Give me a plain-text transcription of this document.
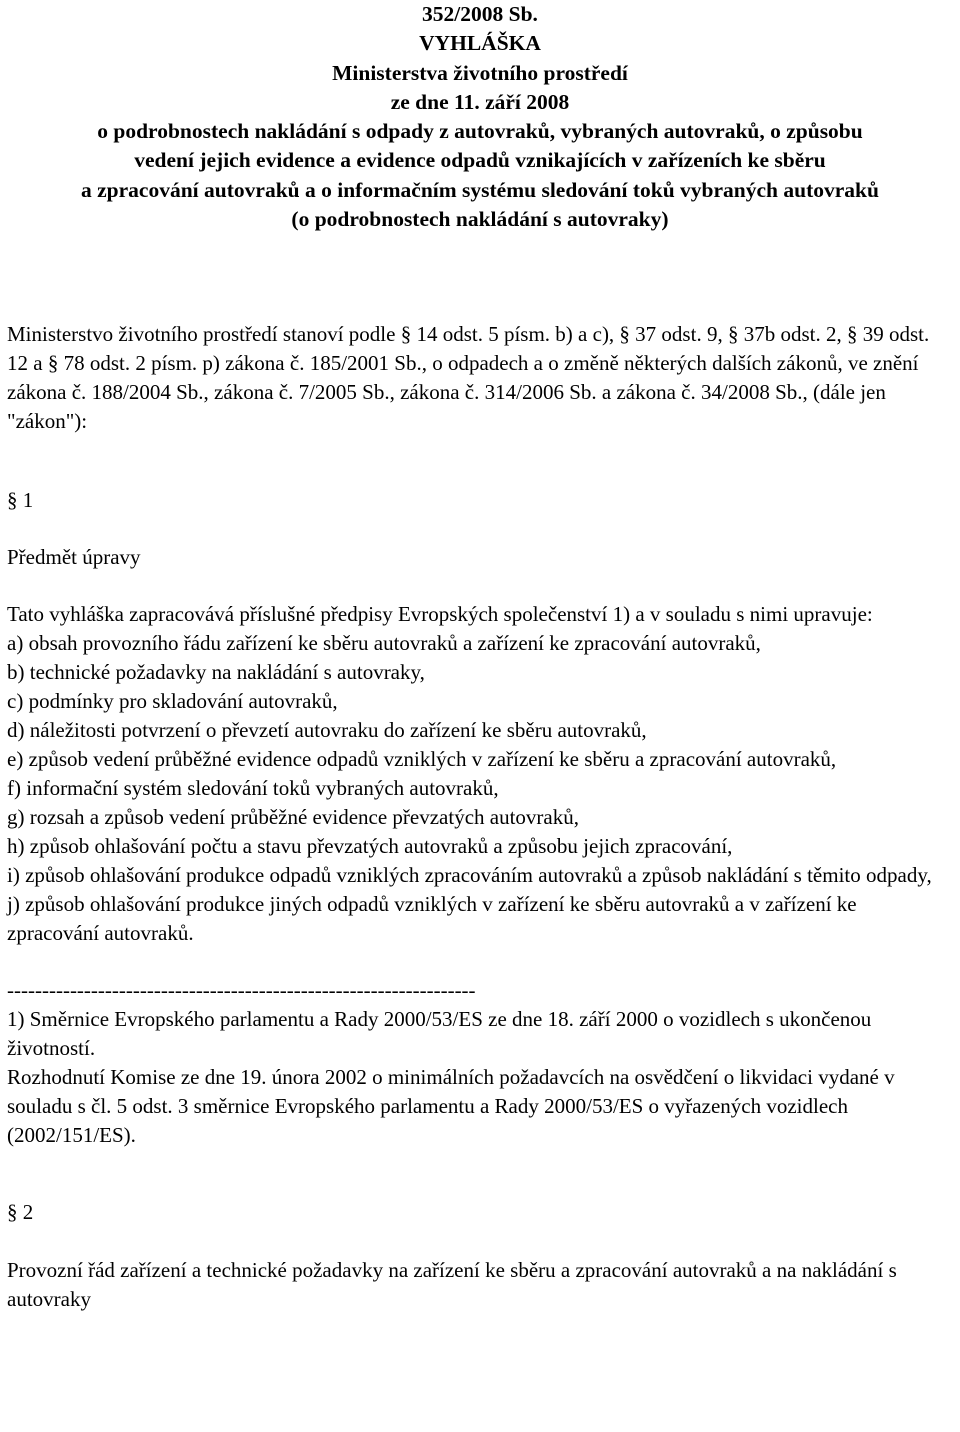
352/2008 Sb.
VYHLÁŠKA
Ministerstva životního prostředí
ze dne 11. září 2008
o podrobnostech nakládání s odpady z autovraků, vybraných autovraků, o způsobu
vedení jejich evidence a evidence odpadů vznikajících v zařízeních ke sběru
a zpracování autovraků a o informačním systému sledování toků vybraných autovraků
(o podrobnostech nakládání s autovraky)

Ministerstvo životního prostředí stanoví podle § 14 odst. 5 písm. b) a c), § 37 odst. 9, § 37b odst. 2, § 39 odst. 12 a § 78 odst. 2 písm. p) zákona č. 185/2001 Sb., o odpadech a o změně některých dalších zákonů, ve znění zákona č. 188/2004 Sb., zákona č. 7/2005 Sb., zákona č. 314/2006 Sb. a zákona č. 34/2008 Sb., (dále jen "zákon"):

§ 1

Předmět úpravy

Tato vyhláška zapracovává příslušné předpisy Evropských společenství 1) a v souladu s nimi upravuje:

a) obsah provozního řádu zařízení ke sběru autovraků a zařízení ke zpracování autovraků,

b) technické požadavky na nakládání s autovraky,

c) podmínky pro skladování autovraků,

d) náležitosti potvrzení o převzetí autovraku do zařízení ke sběru autovraků,

e) způsob vedení průběžné evidence odpadů vzniklých v zařízení ke sběru a zpracování autovraků,

f) informační systém sledování toků vybraných autovraků,

g) rozsah a způsob vedení průběžné evidence převzatých autovraků,

h) způsob ohlašování počtu a stavu převzatých autovraků a způsobu jejich zpracování,

i) způsob ohlašování produkce odpadů vzniklých zpracováním autovraků a způsob nakládání s těmito odpady,

j) způsob ohlašování produkce jiných odpadů vzniklých v zařízení ke sběru autovraků a v zařízení ke zpracování autovraků.

-------------------------------------------------------------------

1) Směrnice Evropského parlamentu a Rady 2000/53/ES ze dne 18. září 2000 o vozidlech s ukončenou životností.

Rozhodnutí Komise ze dne 19. února 2002 o minimálních požadavcích na osvědčení o likvidaci vydané v souladu s čl. 5 odst. 3 směrnice Evropského parlamentu a Rady 2000/53/ES o vyřazených vozidlech (2002/151/ES).

§ 2

Provozní řád zařízení a technické požadavky na zařízení ke sběru a zpracování autovraků a na nakládání s autovraky
